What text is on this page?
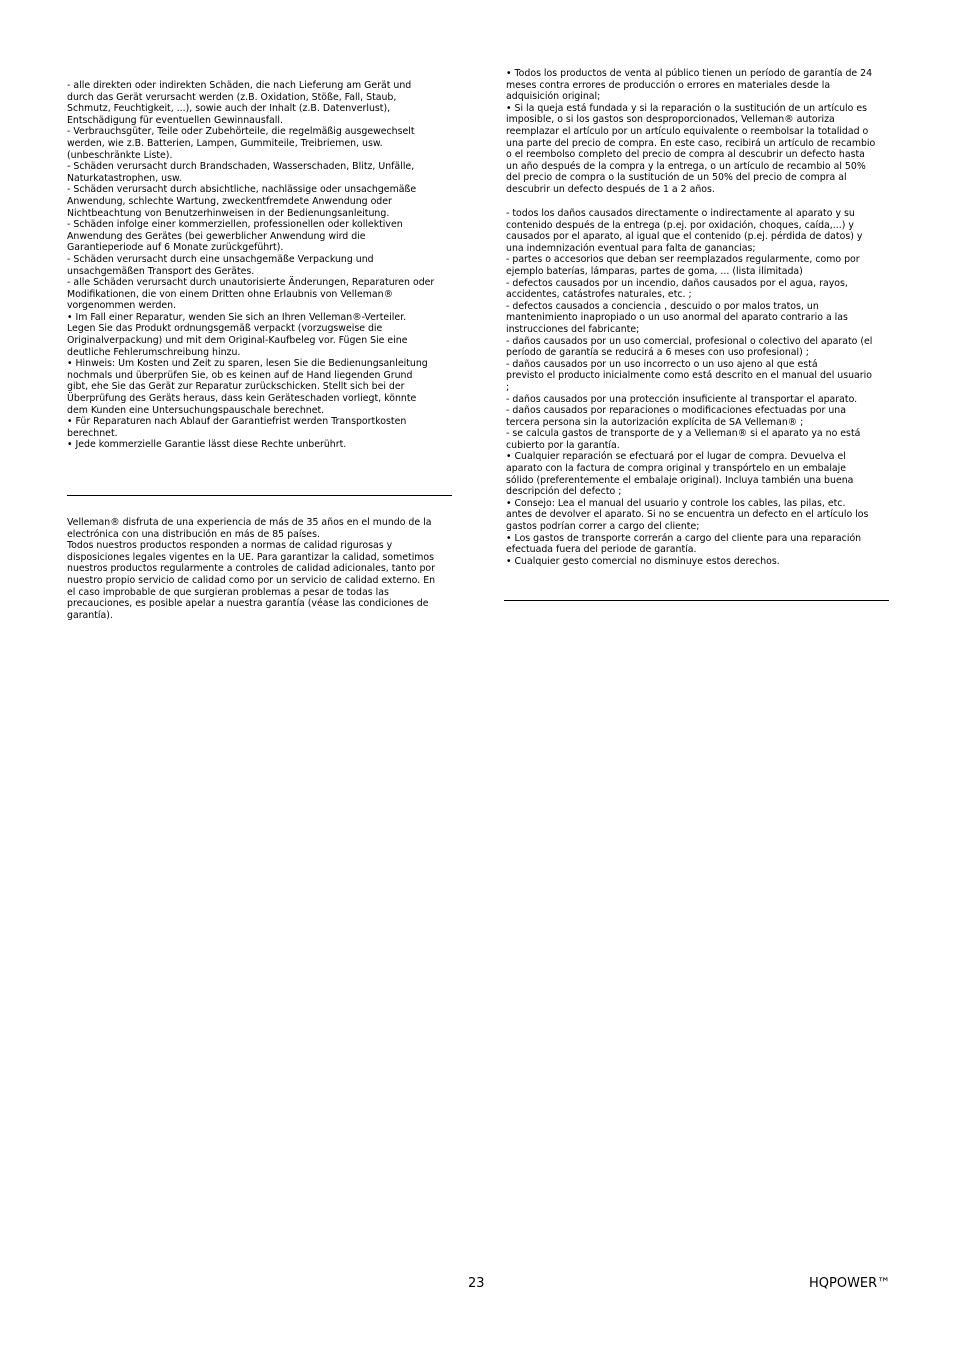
- alle direkten oder indirekten Schäden, die nach Lieferung am Gerät und
durch das Gerät verursacht werden (z.B. Oxidation, Stöße, Fall, Staub,
Schmutz, Feuchtigkeit, ...), sowie auch der Inhalt (z.B. Datenverlust),
Entschädigung für eventuellen Gewinnausfall.
- Verbrauchsgüter, Teile oder Zubehörteile, die regelmäßig ausgewechselt
werden, wie z.B. Batterien, Lampen, Gummiteile, Treibriemen, usw.
(unbeschränkte Liste).
- Schäden verursacht durch Brandschaden, Wasserschaden, Blitz, Unfälle,
Naturkatastrophen, usw.
- Schäden verursacht durch absichtliche, nachlässige oder unsachgemäße
Anwendung, schlechte Wartung, zweckentfremdete Anwendung oder
Nichtbeachtung von Benutzerhinweisen in der Bedienungsanleitung.
- Schäden infolge einer kommerziellen, professionellen oder kollektiven
Anwendung des Gerätes (bei gewerblicher Anwendung wird die
Garantieperiode auf 6 Monate zurückgeführt).
- Schäden verursacht durch eine unsachgemäße Verpackung und
unsachgemäßen Transport des Gerätes.
- alle Schäden verursacht durch unautorisierte Änderungen, Reparaturen oder
Modifikationen, die von einem Dritten ohne Erlaubnis von Velleman®
vorgenommen werden.
• Im Fall einer Reparatur, wenden Sie sich an Ihren Velleman®-Verteiler.
Legen Sie das Produkt ordnungsgemäß verpackt (vorzugsweise die
Originalverpackung) und mit dem Original-Kaufbeleg vor. Fügen Sie eine
deutliche Fehlerumschreibung hinzu.
• Hinweis: Um Kosten und Zeit zu sparen, lesen Sie die Bedienungsanleitung
nochmals und überprüfen Sie, ob es keinen auf de Hand liegenden Grund
gibt, ehe Sie das Gerät zur Reparatur zurückschicken. Stellt sich bei der
Überprüfung des Geräts heraus, dass kein Geräteschaden vorliegt, könnte
dem Kunden eine Untersuchungspauschale berechnet.
• Für Reparaturen nach Ablauf der Garantiefrist werden Transportkosten
berechnet.
• Jede kommerzielle Garantie lässt diese Rechte unberührt.

Velleman® disfruta de una experiencia de más de 35 años en el mundo de la
electrónica con una distribución en más de 85 países.
Todos nuestros productos responden a normas de calidad rigurosas y
disposiciones legales vigentes en la UE. Para garantizar la calidad, sometimos
nuestros productos regularmente a controles de calidad adicionales, tanto por
nuestro propio servicio de calidad como por un servicio de calidad externo. En
el caso improbable de que surgieran problemas a pesar de todas las
precauciones, es posible apelar a nuestra garantía (véase las condiciones de
garantía).

• Todos los productos de venta al público tienen un período de garantía de 24
meses contra errores de producción o errores en materiales desde la
adquisición original;
• Si la queja está fundada y si la reparación o la sustitución de un artículo es
imposible, o si los gastos son desproporcionados, Velleman® autoriza
reemplazar el artículo por un artículo equivalente o reembolsar la totalidad o
una parte del precio de compra. En este caso, recibirá un artículo de recambio
o el reembolso completo del precio de compra al descubrir un defecto hasta
un año después de la compra y la entrega, o un artículo de recambio al 50%
del precio de compra o la sustitución de un 50% del precio de compra al
descubrir un defecto después de 1 a 2 años.

- todos los daños causados directamente o indirectamente al aparato y su
contenido después de la entrega (p.ej. por oxidación, choques, caída,...) y
causados por el aparato, al igual que el contenido (p.ej. pérdida de datos) y
una indemnización eventual para falta de ganancias;
- partes o accesorios que deban ser reemplazados regularmente, como por
ejemplo baterías, lámparas, partes de goma, ... (lista ilimitada)
- defectos causados por un incendio, daños causados por el agua, rayos,
accidentes, catástrofes naturales, etc. ;
- defectos causados a conciencia , descuido o por malos tratos, un
mantenimiento inapropiado o un uso anormal del aparato contrario a las
instrucciones del fabricante;
- daños causados por un uso comercial, profesional o colectivo del aparato (el
período de garantía se reducirá a 6 meses con uso profesional) ;
- daños causados por un uso incorrecto o un uso ajeno al que está
previsto el producto inicialmente como está descrito en el manual del usuario
;
- daños causados por una protección insuficiente al transportar el aparato.
- daños causados por reparaciones o modificaciones efectuadas por una
tercera persona sin la autorización explícita de SA Velleman® ;
- se calcula gastos de transporte de y a Velleman® si el aparato ya no está
cubierto por la garantía.
• Cualquier reparación se efectuará por el lugar de compra. Devuelva el
aparato con la factura de compra original y transpórtelo en un embalaje
sólido (preferentemente el embalaje original). Incluya también una buena
descripción del defecto ;
• Consejo: Lea el manual del usuario y controle los cables, las pilas, etc.
antes de devolver el aparato. Si no se encuentra un defecto en el artículo los
gastos podrían correr a cargo del cliente;
• Los gastos de transporte correrán a cargo del cliente para una reparación
efectuada fuera del periode de garantía.
• Cualquier gesto comercial no disminuye estos derechos.

23	HQPOWER™
